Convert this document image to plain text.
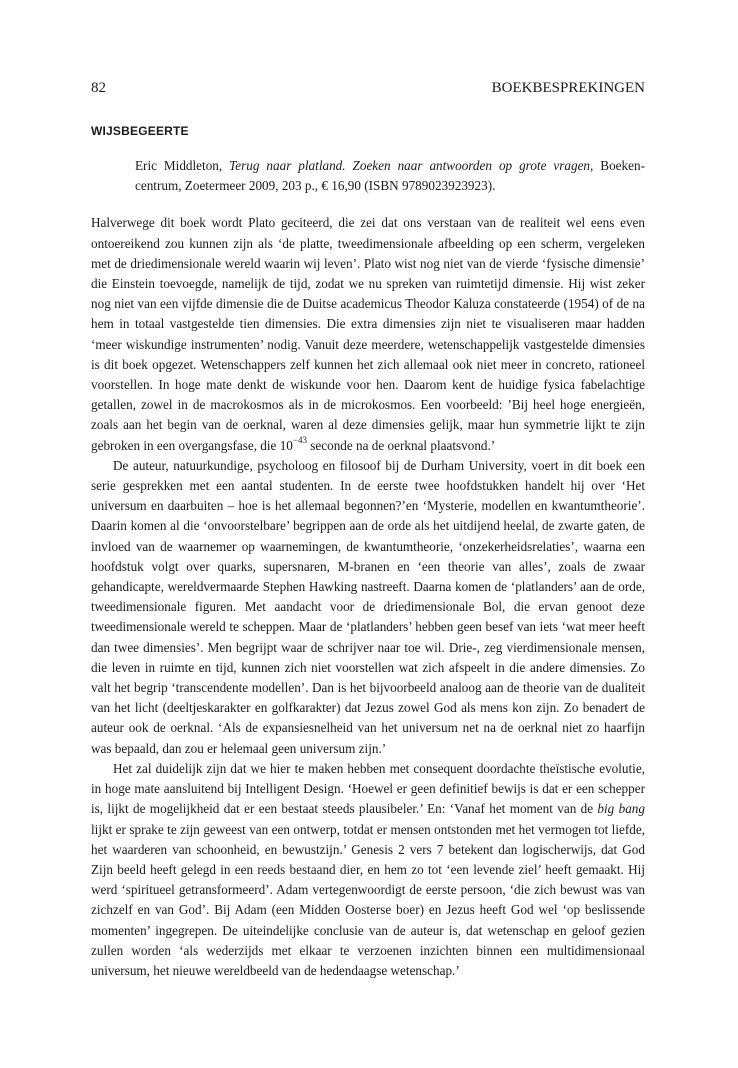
82	BOEKBESPREKINGEN
WIJSBEGEERTE
Eric Middleton, Terug naar platland. Zoeken naar antwoorden op grote vragen, Boekencentrum, Zoetermeer 2009, 203 p., € 16,90 (ISBN 9789023923923).

Halverwege dit boek wordt Plato geciteerd, die zei dat ons verstaan van de realiteit wel eens even ontoereikend zou kunnen zijn als ‘de platte, tweedimensionale afbeelding op een scherm, vergeleken met de driedimensionale wereld waarin wij leven’. Plato wist nog niet van de vierde ‘fysische dimensie’ die Einstein toevoegde, namelijk de tijd, zodat we nu spreken van ruimtetijd dimensie. Hij wist zeker nog niet van een vijfde dimensie die de Duitse academicus Theodor Kaluza constateerde (1954) of de na hem in totaal vastgestelde tien dimensies. Die extra dimensies zijn niet te visualiseren maar hadden ‘meer wiskundige instrumenten’ nodig. Vanuit deze meerdere, wetenschappelijk vastgestelde dimensies is dit boek opgezet. Wetenschappers zelf kunnen het zich allemaal ook niet meer in concreto, rationeel voorstellen. In hoge mate denkt de wiskunde voor hen. Daarom kent de huidige fysica fabelachtige getallen, zowel in de macrokosmos als in de microkosmos. Een voorbeeld: ’Bij heel hoge energieën, zoals aan het begin van de oerknal, waren al deze dimensies gelijk, maar hun symmetrie lijkt te zijn gebroken in een overgangsfase, die $10^{-43}$ seconde na de oerknal plaatsvond.’

De auteur, natuurkundige, psycholoog en filosoof bij de Durham University, voert in dit boek een serie gesprekken met een aantal studenten. In de eerste twee hoofdstukken handelt hij over ‘Het universum en daarbuiten – hoe is het allemaal begonnen?’en ‘Mysterie, modellen en kwantumtheorie’. Daarin komen al die ‘onvoorstelbare’ begrippen aan de orde als het uitdijend heelal, de zwarte gaten, de invloed van de waarnemer op waarnemingen, de kwantumtheorie, ‘onzekerheidsrelaties’, waarna een hoofdstuk volgt over quarks, supersnaren, M-branen en ‘een theorie van alles’, zoals de zwaar gehandicapte, wereldvermaarde Stephen Hawking nastreeft. Daarna komen de ‘platlanders’ aan de orde, tweedimensionale figuren. Met aandacht voor de driedimensionale Bol, die ervan genoot deze tweedimensionale wereld te scheppen. Maar de ‘platlanders’ hebben geen besef van iets ‘wat meer heeft dan twee dimensies’. Men begrijpt waar de schrijver naar toe wil. Drie-, zeg vierdimensionale mensen, die leven in ruimte en tijd, kunnen zich niet voorstellen wat zich afspeelt in die andere dimensies. Zo valt het begrip ‘transcendente modellen’. Dan is het bijvoorbeeld analoog aan de theorie van de dualiteit van het licht (deeltjeskarakter en golfkarakter) dat Jezus zowel God als mens kon zijn. Zo benadert de auteur ook de oerknal. ‘Als de expansiesnelheid van het universum net na de oerknal niet zo haarfijn was bepaald, dan zou er helemaal geen universum zijn.’

Het zal duidelijk zijn dat we hier te maken hebben met consequent doordachte theïstische evolutie, in hoge mate aansluitend bij Intelligent Design. ‘Hoewel er geen definitief bewijs is dat er een schepper is, lijkt de mogelijkheid dat er een bestaat steeds plausibeler.’ En: ‘Vanaf het moment van de big bang lijkt er sprake te zijn geweest van een ontwerp, totdat er mensen ontstonden met het vermogen tot liefde, het waarderen van schoonheid, en bewustzijn.’ Genesis 2 vers 7 betekent dan logischerwijs, dat God Zijn beeld heeft gelegd in een reeds bestaand dier, en hem zo tot ‘een levende ziel’ heeft gemaakt. Hij werd ‘spiritueel getransformeerd’. Adam vertegenwoordigt de eerste persoon, ‘die zich bewust was van zichzelf en van God’. Bij Adam (een Midden Oosterse boer) en Jezus heeft God wel ‘op beslissende momenten’ ingegrepen. De uiteindelijke conclusie van de auteur is, dat wetenschap en geloof gezien zullen worden ‘als wederzijds met elkaar te verzoenen inzichten binnen een multidimensionaal universum, het nieuwe wereldbeeld van de hedendaagse wetenschap.’
